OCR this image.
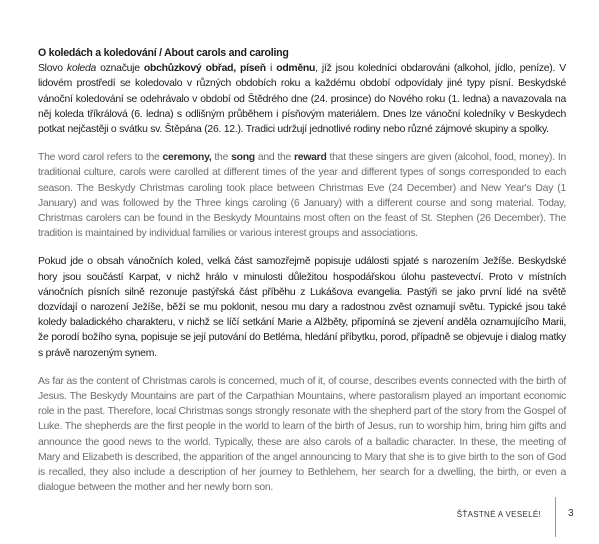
O koledách a koledování / About carols and caroling
Slovo koleda označuje obchůzkový obřad, píseň i odměnu, jíž jsou koledníci obdarováni (alkohol, jídlo, peníze). V lidovém prostředí se koledovalo v různých obdobích roku a každému období odpovídaly jiné typy písní. Beskydské vánoční koledování se odehrávalo v období od Štědrého dne (24. prosince) do Nového roku (1. ledna) a navazovala na něj koleda tříkrálová (6. ledna) s odlišným průběhem i písňovým materiálem. Dnes lze vánoční koledníky v Beskydech potkat nejčastěji o svátku sv. Štěpána (26. 12.). Tradici udržují jednotlivé rodiny nebo různé zájmové skupiny a spolky.

The word carol refers to the ceremony, the song and the reward that these singers are given (alcohol, food, money). In traditional culture, carols were carolled at different times of the year and different types of songs corresponded to each season. The Beskydy Christmas caroling took place between Christmas Eve (24 December) and New Year's Day (1 January) and was followed by the Three kings caroling (6 January) with a different course and song material. Today, Christmas carolers can be found in the Beskydy Mountains most often on the feast of St. Stephen (26 December). The tradition is maintained by individual families or various interest groups and associations.

Pokud jde o obsah vánočních koled, velká část samozřejmě popisuje události spjaté s narozením Ježíše. Beskydské hory jsou součástí Karpat, v nichž hrálo v minulosti důležitou hospodářskou úlohu pastevectví. Proto v místních vánočních písních silně rezonuje pastýřská část příběhu z Lukášova evangelia. Pastýři se jako první lidé na světě dozvídají o narození Ježíše, běží se mu poklonit, nesou mu dary a radostnou zvěst oznamují světu. Typické jsou také koledy baladického charakteru, v nichž se líčí setkání Marie a Alžběty, připomíná se zjevení anděla oznamujícího Marii, že porodí božího syna, popisuje se její putování do Betléma, hledání příbytku, porod, případně se objevuje i dialog matky s právě narozeným synem.

As far as the content of Christmas carols is concerned, much of it, of course, describes events connected with the birth of Jesus. The Beskydy Mountains are part of the Carpathian Mountains, where pastoralism played an important economic role in the past. Therefore, local Christmas songs strongly resonate with the shepherd part of the story from the Gospel of Luke. The shepherds are the first people in the world to learn of the birth of Jesus, run to worship him, bring him gifts and announce the good news to the world. Typically, these are also carols of a balladic character. In these, the meeting of Mary and Elizabeth is described, the apparition of the angel announcing to Mary that she is to give birth to the son of God is recalled, they also include a description of her journey to Bethlehem, her search for a dwelling, the birth, or even a dialogue between the mother and her newly born son.

ŠŤASTNÉ A VESELÉ!	3
